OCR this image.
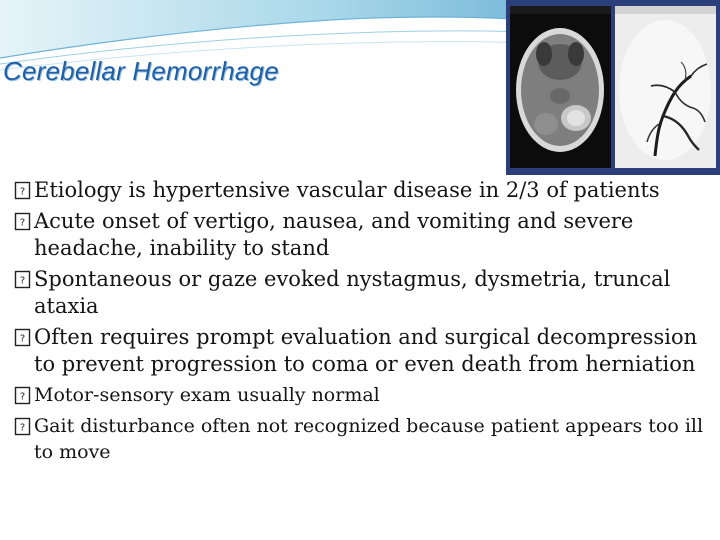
Cerebellar Hemorrhage
? Etiology is hypertensive vascular disease in 2/3 of patients
? Acute onset of vertigo, nausea, and vomiting and severe headache, inability to stand
? Spontaneous or gaze evoked nystagmus, dysmetria, truncal ataxia
? Often requires prompt evaluation and surgical decompression to prevent progression to coma or even death from herniation
? Motor-sensory exam usually normal
? Gait disturbance often not recognized because patient appears too ill to move
